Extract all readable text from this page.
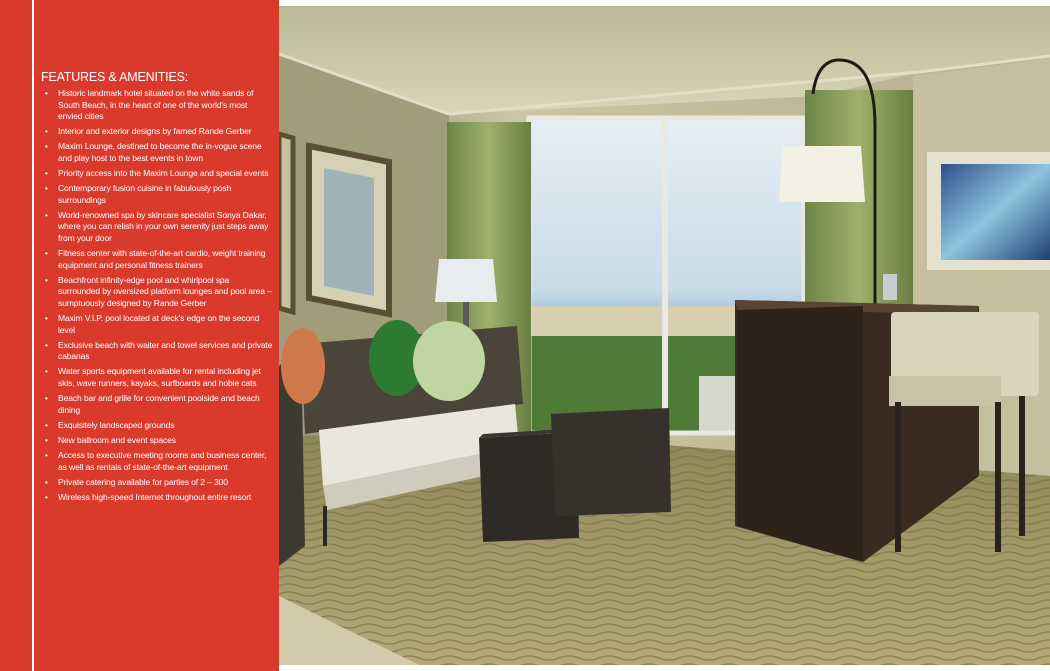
FEATURES & AMENITIES:
• Historic landmark hotel situated on the white sands of South Beach, in the heart of one of the world's most envied cities
• Interior and exterior designs by famed Rande Gerber
• Maxim Lounge, destined to become the in-vogue scene and play host to the best events in town
• Priority access into the Maxim Lounge and special events
• Contemporary fusion cuisine in fabulously posh surroundings
• World-renowned spa by skincare specialist Sonya Dakar, where you can relish in your own serenity just steps away from your door
• Fitness center with state-of-the-art cardio, weight training equipment and personal fitness trainers
• Beachfront infinity-edge pool and whirlpool spa surrounded by oversized platform lounges and pool area – sumptuously designed by Rande Gerber
• Maxim V.I.P. pool located at deck's edge on the second level
• Exclusive beach with waiter and towel services and private cabanas
• Water sports equipment available for rental including jet skis, wave runners, kayaks, surfboards and hobie cats
• Beach bar and grille for convenient poolside and beach dining
• Exquisitely landscaped grounds
• New ballroom and event spaces
• Access to executive meeting rooms and business center, as well as rentals of state-of-the-art equipment
• Private catering available for parties of 2 – 300
• Wireless high-speed Internet throughout entire resort
